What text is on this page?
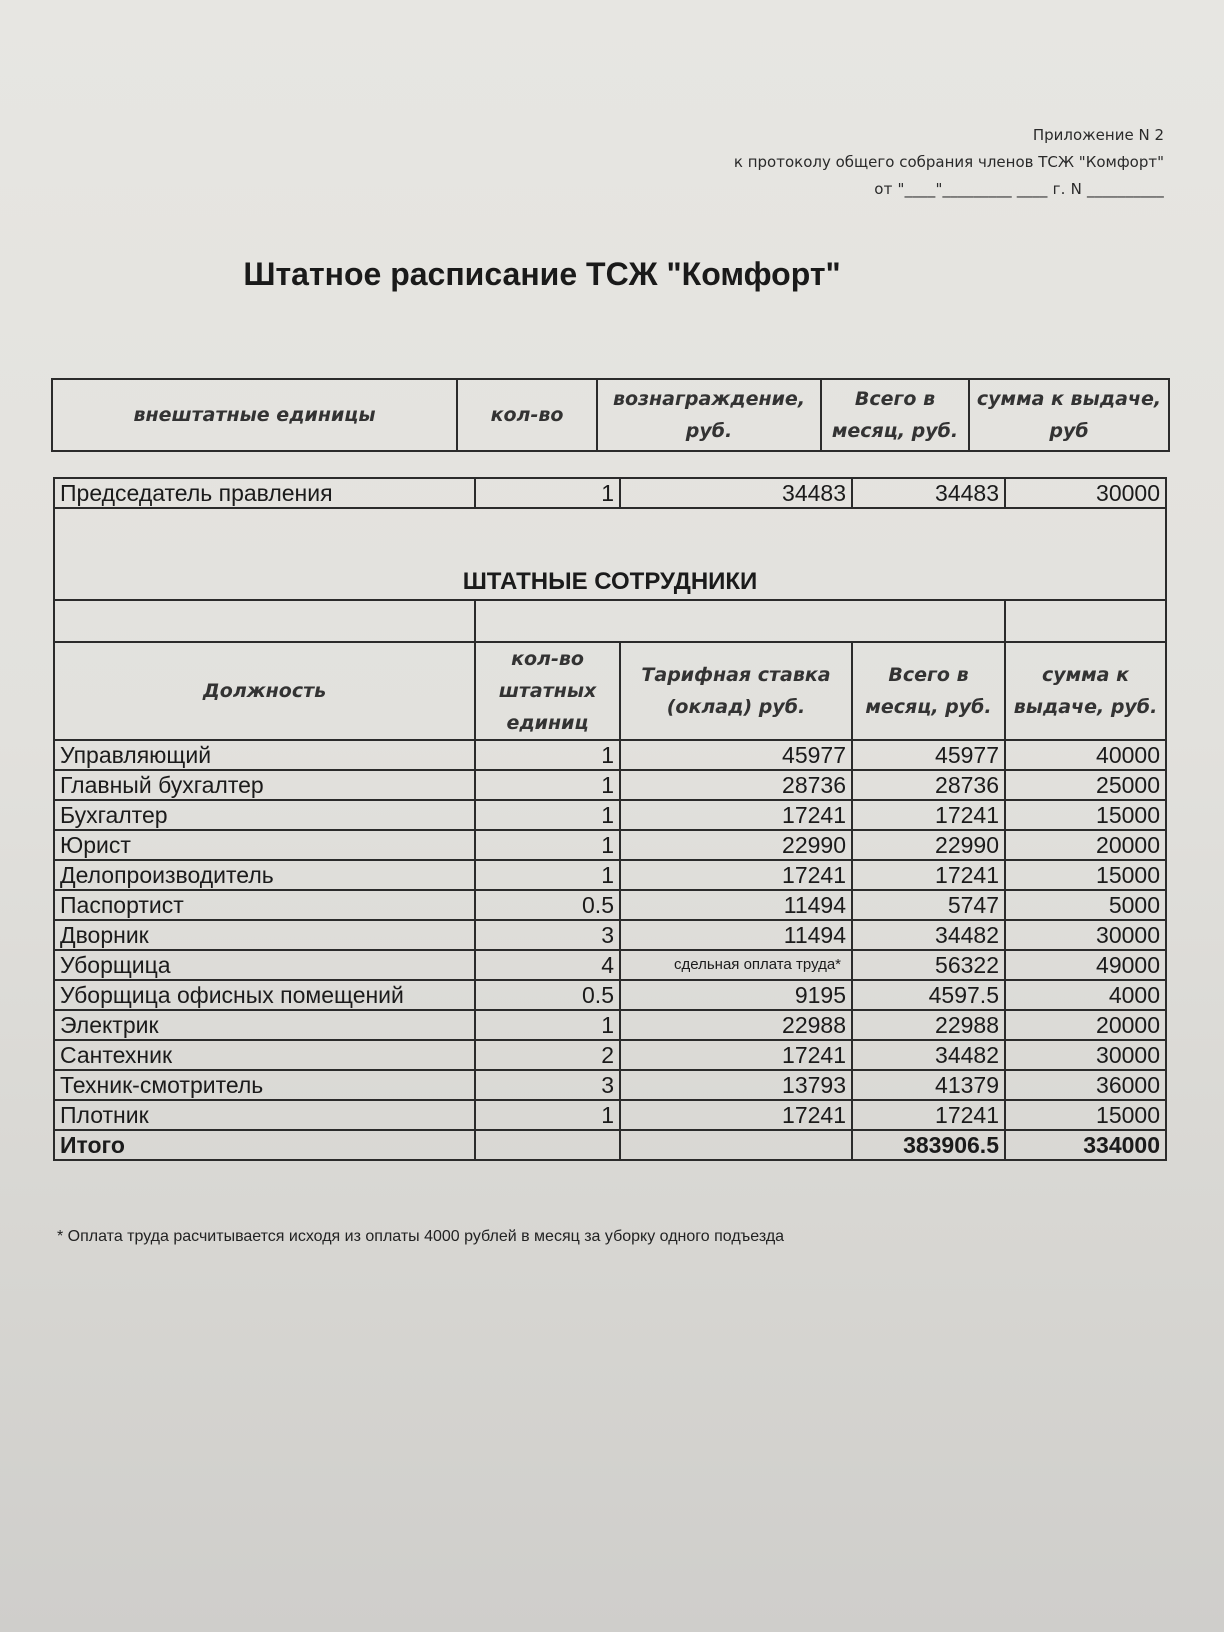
Приложение N 2
к протоколу общего собрания членов ТСЖ "Комфорт"
от "____"_________ ____ г. N __________
Штатное расписание ТСЖ "Комфорт"
внештатные единицы	кол-во	вознаграждение, руб.	Всего в месяц, руб.	сумма к выдаче, руб
Председатель правления	1	34483	34483	30000
ШТАТНЫЕ СОТРУДНИКИ				

Должность	кол-во штатных единиц	Тарифная ставка (оклад) руб.	Всего в месяц, руб.	сумма к выдаче, руб.
Управляющий	1	45977	45977	40000
Главный бухгалтер	1	28736	28736	25000
Бухгалтер	1	17241	17241	15000
Юрист	1	22990	22990	20000
Делопроизводитель	1	17241	17241	15000
Паспортист	0.5	11494	5747	5000
Дворник	3	11494	34482	30000
Уборщица	4	сдельная оплата труда*	56322	49000
Уборщица офисных помещений	0.5	9195	4597.5	4000
Электрик	1	22988	22988	20000
Сантехник	2	17241	34482	30000
Техник-смотритель	3	13793	41379	36000
Плотник	1	17241	17241	15000
Итого			383906.5	334000
* Оплата труда расчитывается исходя из оплаты 4000 рублей в месяц за уборку одного подъезда
